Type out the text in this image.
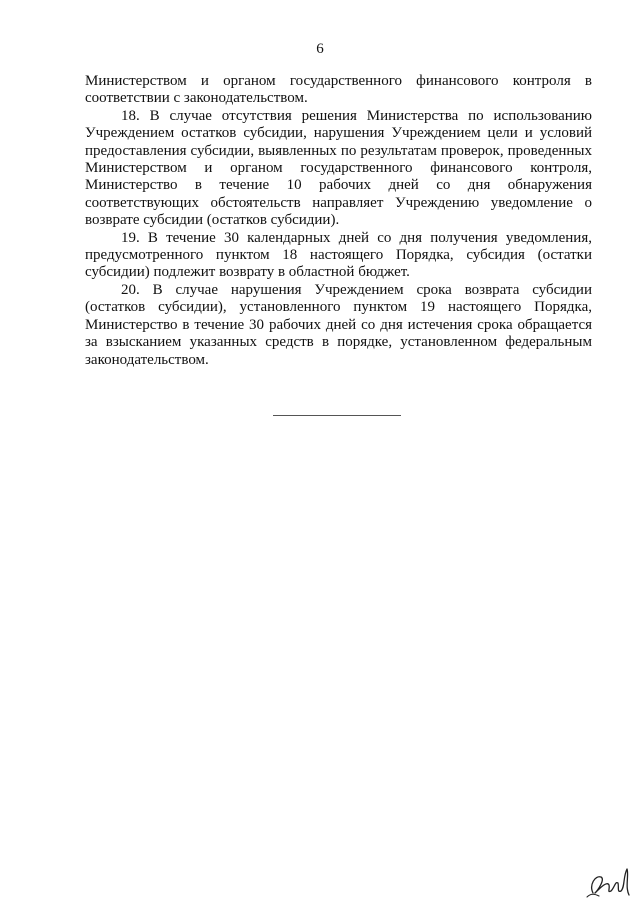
6

Министерством и органом государственного финансового контроля в соответствии с законодательством.

18. В случае отсутствия решения Министерства по использованию Учреждением остатков субсидии, нарушения Учреждением цели и условий предоставления субсидии, выявленных по результатам проверок, проведенных Министерством и органом государственного финансового контроля, Министерство в течение 10 рабочих дней со дня обнаружения соответствующих обстоятельств направляет Учреждению уведомление о возврате субсидии (остатков субсидии).

19. В течение 30 календарных дней со дня получения уведомления, предусмотренного пунктом 18 настоящего Порядка, субсидия (остатки субсидии) подлежит возврату в областной бюджет.

20. В случае нарушения Учреждением срока возврата субсидии (остатков субсидии), установленного пунктом 19 настоящего Порядка, Министерство в течение 30 рабочих дней со дня истечения срока обращается за взысканием указанных средств в порядке, установленном федеральным законодательством.
